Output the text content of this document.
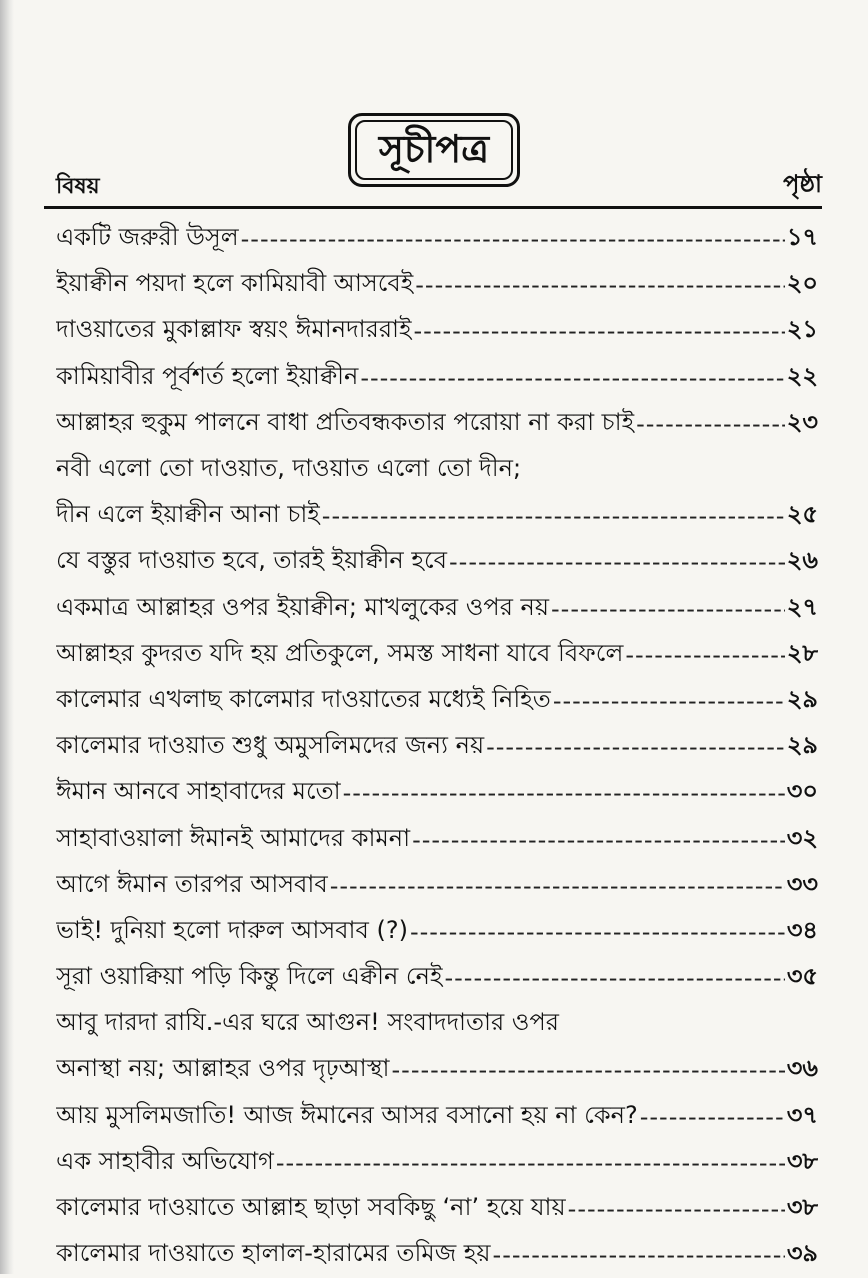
সূচীপত্র
বিষয়	পৃষ্ঠা
একটি জরুরী উসূল -----	১৭
ইয়াক্বীন পয়দা হলে কামিয়াবী আসবেই -----	২০
দাওয়াতের মুকাল্লাফ স্বয়ং ঈমানদাররাই -----	২১
কামিয়াবীর পূর্বশর্ত হলো ইয়াক্বীন -----	২২
আল্লাহর হুকুম পালনে বাধা প্রতিবন্ধকতার পরোয়া না করা চাই -----	২৩
নবী এলো তো দাওয়াত, দাওয়াত এলো তো দীন;
দীন এলে ইয়াক্বীন আনা চাই -----	২৫
যে বস্তুর দাওয়াত হবে, তারই ইয়াক্বীন হবে -----	২৬
একমাত্র আল্লাহর ওপর ইয়াক্বীন; মাখলুকের ওপর নয় -----	২৭
আল্লাহর কুদরত যদি হয় প্রতিকুলে, সমস্ত সাধনা যাবে বিফলে -----	২৮
কালেমার এখলাছ কালেমার দাওয়াতের মধ্যেই নিহিত -----	২৯
কালেমার দাওয়াত শুধু অমুসলিমদের জন্য নয় -----	২৯
ঈমান আনবে সাহাবাদের মতো -----	৩০
সাহাবাওয়ালা ঈমানই আমাদের কামনা -----	৩২
আগে ঈমান তারপর আসবাব -----	৩৩
ভাই! দুনিয়া হলো দারুল আসবাব (?) -----	৩৪
সূরা ওয়াক্বিয়া পড়ি কিন্তু দিলে এক্বীন নেই -----	৩৫
আবু দারদা রাযি.-এর ঘরে আগুন! সংবাদদাতার ওপর
অনাস্থা নয়; আল্লাহর ওপর দৃঢ়আস্থা -----	৩৬
আয় মুসলিমজাতি! আজ ঈমানের আসর বসানো হয় না কেন? -----	৩৭
এক সাহাবীর অভিযোগ -----	৩৮
কালেমার দাওয়াতে আল্লাহ ছাড়া সবকিছু ‘না’ হয়ে যায় -----	৩৮
কালেমার দাওয়াতে হালাল-হারামের তমিজ হয় -----	৩৯
